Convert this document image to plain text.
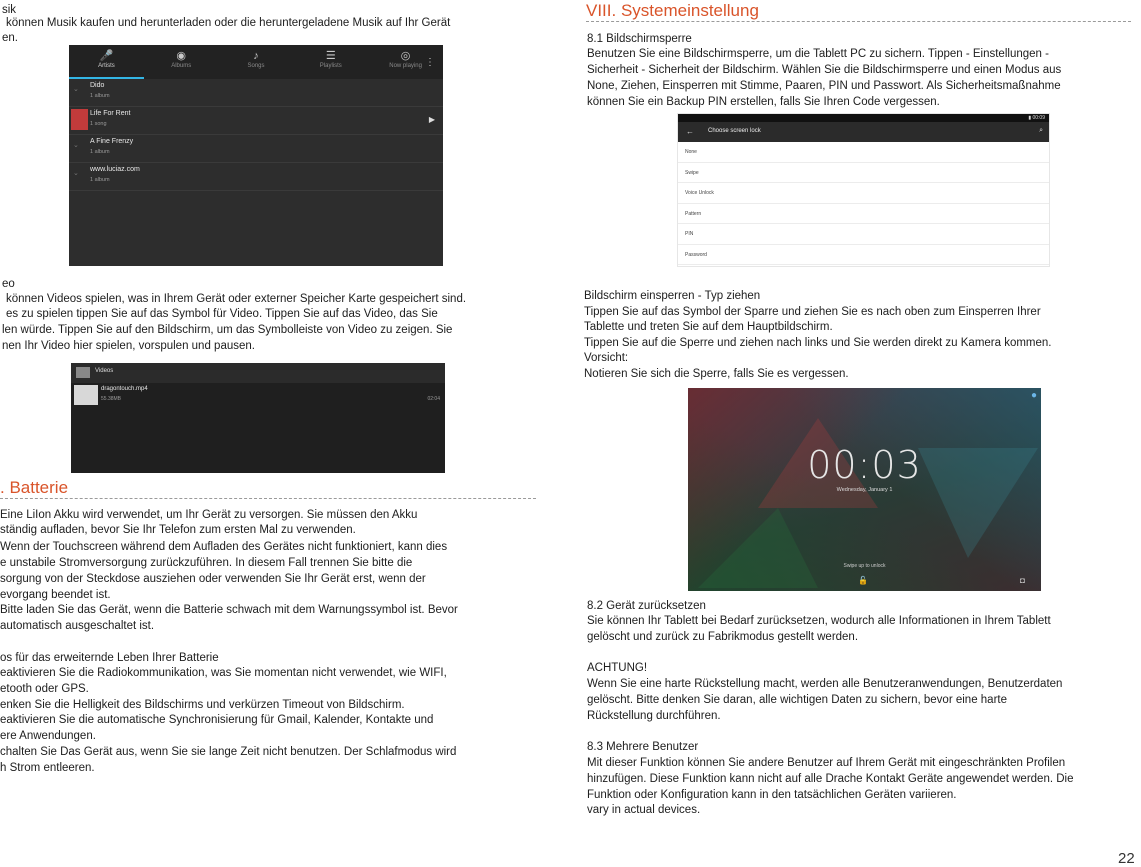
sik
können Musik kaufen und herunterladen oder die heruntergeladene Musik auf Ihr Gerät
en.
🎤
Artists
◉
Albums
♪
Songs
☰
Playlists
◎
Now playing ⋮
⌄
Dido
1 album
Life For Rent
1 song	▶
⌄
A Fine Frenzy
1 album
⌄
www.luciaz.com
1 album
eo
können Videos spielen, was in Ihrem Gerät oder externer Speicher Karte gespeichert sind.
es zu spielen tippen Sie auf das Symbol für Video. Tippen Sie auf das Video, das Sie
len würde. Tippen Sie auf den Bildschirm, um das Symbolleiste von Video zu zeigen. Sie
nen Ihr Video hier spielen, vorspulen und pausen.
Videos
dragontouch.mp4
55.38MB	02:04
. Batterie
Eine LiIon Akku wird verwendet, um Ihr Gerät zu versorgen. Sie müssen den Akku
ständig aufladen, bevor Sie Ihr Telefon zum ersten Mal zu verwenden.
Wenn der Touchscreen während dem Aufladen des Gerätes nicht funktioniert, kann dies
e unstabile Stromversorgung zurückzuführen. In diesem Fall trennen Sie bitte die
sorgung von der Steckdose ausziehen oder verwenden Sie Ihr Gerät erst, wenn der
evorgang beendet ist.
Bitte laden Sie das Gerät, wenn die Batterie schwach mit dem Warnungssymbol ist. Bevor
automatisch ausgeschaltet ist.
os für das erweiternde Leben Ihrer Batterie
eaktivieren Sie die Radiokommunikation, was Sie momentan nicht verwendet, wie WIFI,
etooth oder GPS.
enken Sie die Helligkeit des Bildschirms und verkürzen Timeout von Bildschirm.
eaktivieren Sie die automatische Synchronisierung für Gmail, Kalender, Kontakte und
ere Anwendungen.
chalten Sie Das Gerät aus, wenn Sie sie lange Zeit nicht benutzen. Der Schlafmodus wird
h Strom entleeren.
VIII. Systemeinstellung
8.1 Bildschirmsperre
Benutzen Sie eine Bildschirmsperre, um die Tablett PC zu sichern. Tippen - Einstellungen -
Sicherheit - Sicherheit der Bildschirm. Wählen Sie die Bildschirmsperre und einen Modus aus
None, Ziehen, Einsperren mit Stimme, Paaren, PIN und Passwort. Als Sicherheitsmaßnahme
können Sie ein Backup PIN erstellen, falls Sie Ihren Code vergessen.
▮ 00:09
← Choose screen lock	⌕
None
Swipe
Voice Unlock
Pattern
PIN
Password
Bildschirm einsperren - Typ ziehen
Tippen Sie auf das Symbol der Sparre und ziehen Sie es nach oben zum Einsperren Ihrer
Tablette und treten Sie auf dem Hauptbildschirm.
Tippen Sie auf die Sperre und ziehen nach links und Sie werden direkt zu Kamera kommen.
Vorsicht:
Notieren Sie sich die Sperre, falls Sie es vergessen.
●
00:03
Wednesday, January 1
Swipe up to unlock
🔓	◘
8.2 Gerät zurücksetzen
Sie können Ihr Tablett bei Bedarf zurücksetzen, wodurch alle Informationen in Ihrem Tablett
gelöscht und zurück zu Fabrikmodus gestellt werden.
ACHTUNG!
Wenn Sie eine harte Rückstellung macht, werden alle Benutzeranwendungen, Benutzerdaten
gelöscht. Bitte denken Sie daran, alle wichtigen Daten zu sichern, bevor eine harte
Rückstellung durchführen.
8.3 Mehrere Benutzer
Mit dieser Funktion können Sie andere Benutzer auf Ihrem Gerät mit eingeschränkten Profilen
hinzufügen. Diese Funktion kann nicht auf alle Drache Kontakt Geräte angewendet werden. Die
Funktion oder Konfiguration kann in den tatsächlichen Geräten variieren.
vary in actual devices.
22
